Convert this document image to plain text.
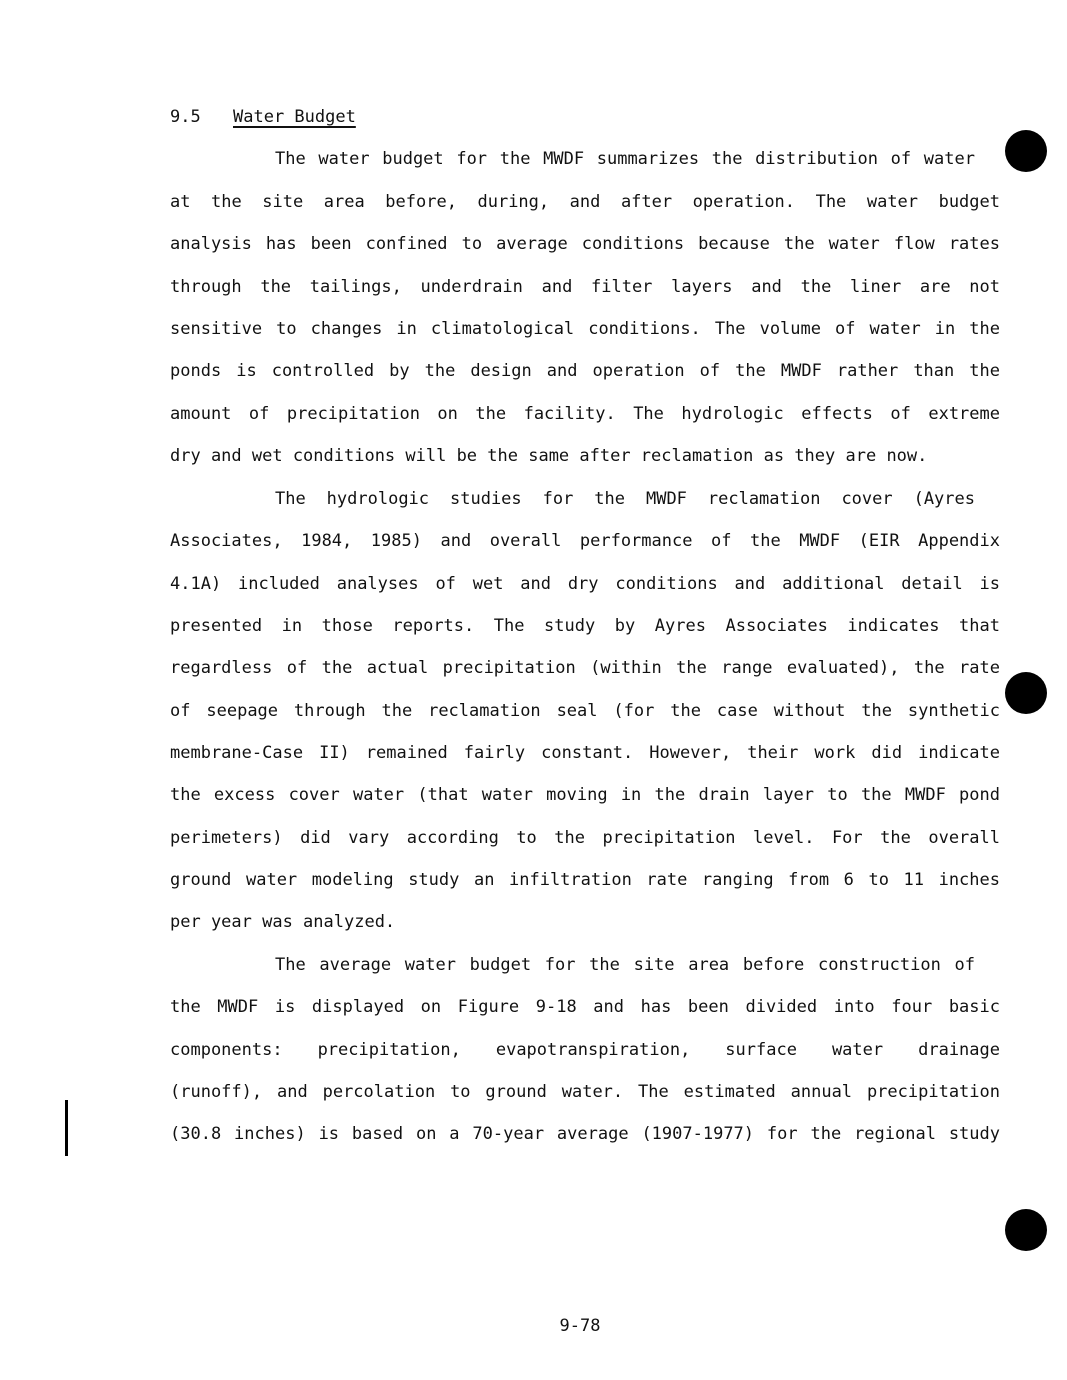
9.5 Water Budget
The water budget for the MWDF summarizes the distribution of water
at the site area before, during, and after operation. The water budget
analysis has been confined to average conditions because the water flow rates
through the tailings, underdrain and filter layers and the liner are not
sensitive to changes in climatological conditions. The volume of water in the
ponds is controlled by the design and operation of the MWDF rather than the
amount of precipitation on the facility. The hydrologic effects of extreme
dry and wet conditions will be the same after reclamation as they are now.
The hydrologic studies for the MWDF reclamation cover (Ayres
Associates, 1984, 1985) and overall performance of the MWDF (EIR Appendix
4.1A) included analyses of wet and dry conditions and additional detail is
presented in those reports. The study by Ayres Associates indicates that
regardless of the actual precipitation (within the range evaluated), the rate
of seepage through the reclamation seal (for the case without the synthetic
membrane-Case II) remained fairly constant. However, their work did indicate
the excess cover water (that water moving in the drain layer to the MWDF pond
perimeters) did vary according to the precipitation level. For the overall
ground water modeling study an infiltration rate ranging from 6 to 11 inches
per year was analyzed.
The average water budget for the site area before construction of
the MWDF is displayed on Figure 9-18 and has been divided into four basic
components: precipitation, evapotranspiration, surface water drainage
(runoff), and percolation to ground water. The estimated annual precipitation
(30.8 inches) is based on a 70-year average (1907-1977) for the regional study
9-78
